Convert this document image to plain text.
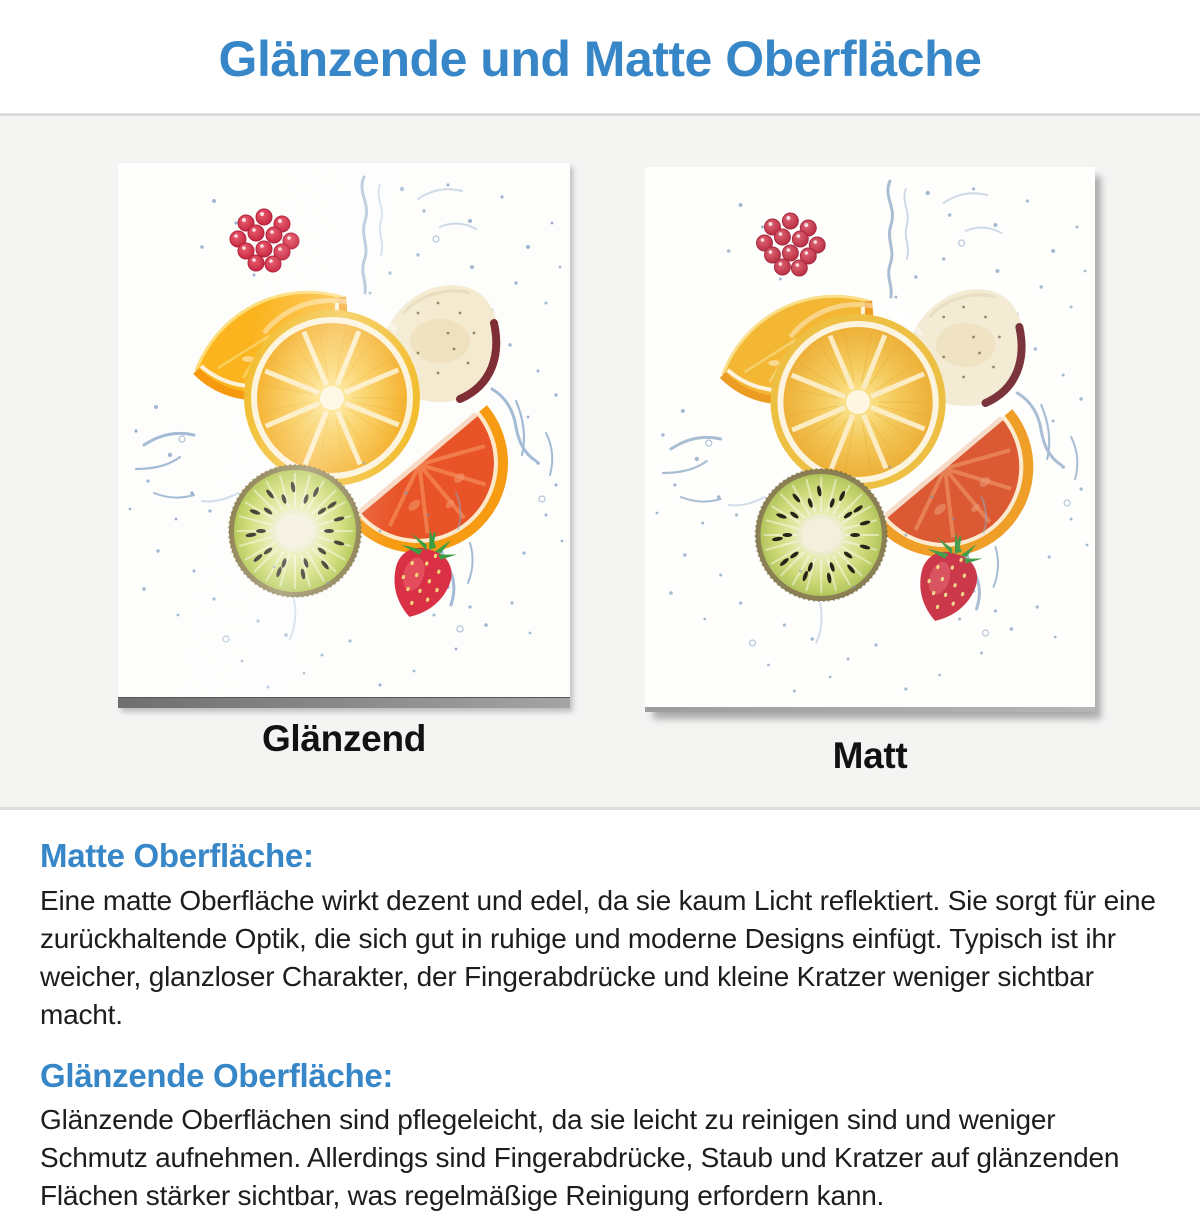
Glänzende und Matte Oberfläche
Glänzend	Matt
Matte Oberfläche:

Eine matte Oberfläche wirkt dezent und edel, da sie kaum Licht reflektiert. Sie sorgt für eine zurückhaltende Optik, die sich gut in ruhige und moderne Designs einfügt. Typisch ist ihr weicher, glanzloser Charakter, der Fingerabdrücke und kleine Kratzer weniger sichtbar macht.

Glänzende Oberfläche:

Glänzende Oberflächen sind pflegeleicht, da sie leicht zu reinigen sind und weniger Schmutz aufnehmen. Allerdings sind Fingerabdrücke, Staub und Kratzer auf glänzenden Flächen stärker sichtbar, was regelmäßige Reinigung erfordern kann.
